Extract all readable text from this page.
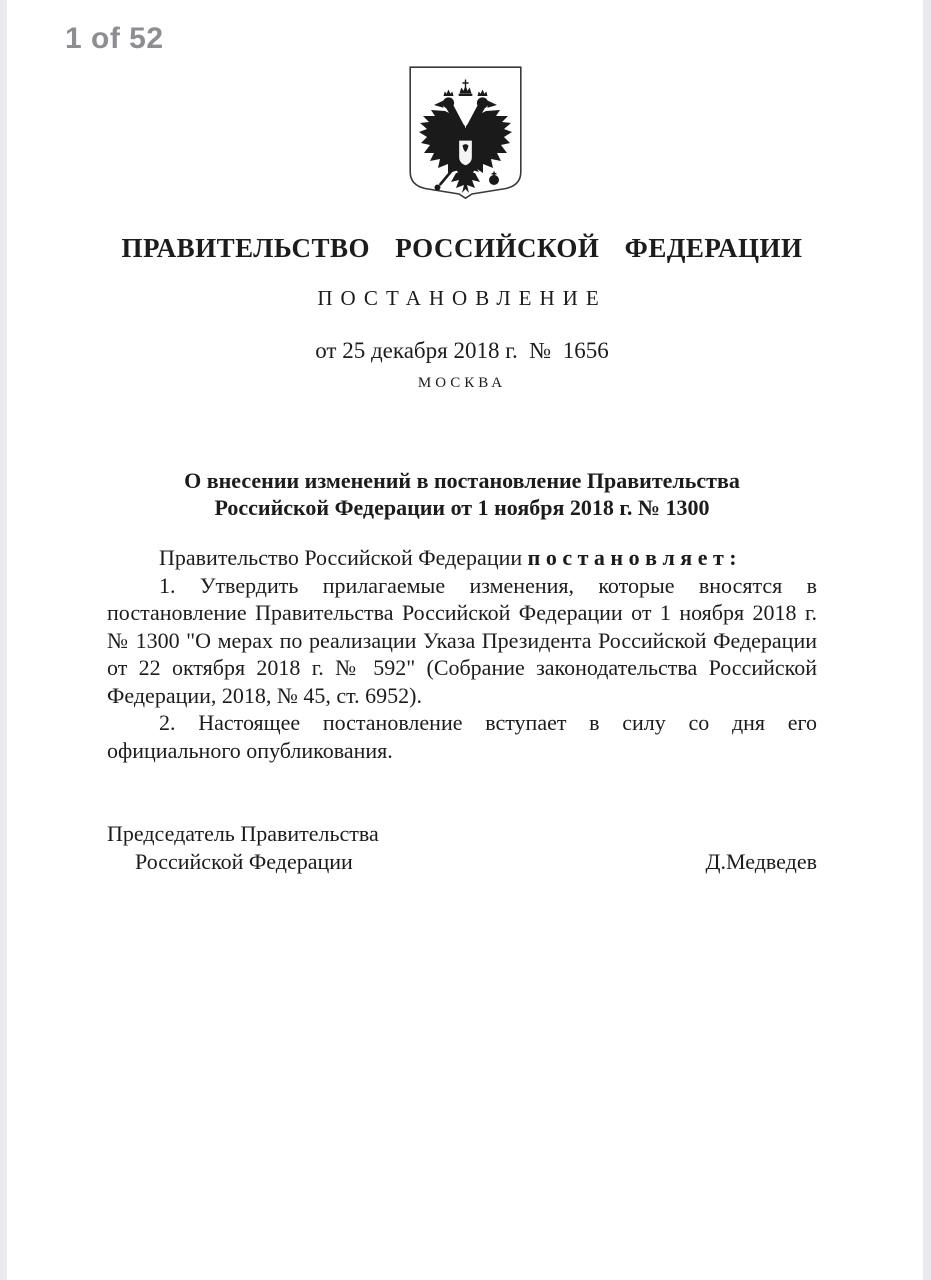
1 of 52
ПРАВИТЕЛЬСТВО РОССИЙСКОЙ ФЕДЕРАЦИИ
ПОСТАНОВЛЕНИЕ
от 25 декабря 2018 г.  №  1656
МОСКВА
О внесении изменений в постановление Правительства
Российской Федерации от 1 ноября 2018 г. № 1300

Правительство Российской Федерации п о с т а н о в л я е т :

1. Утвердить прилагаемые изменения, которые вносятся в постановление Правительства Российской Федерации от 1 ноября 2018 г. № 1300 "О мерах по реализации Указа Президента Российской Федерации от 22 октября 2018 г. № 592" (Собрание законодательства Российской Федерации, 2018, № 45, ст. 6952).

2. Настоящее постановление вступает в силу со дня его официального опубликования.

Председатель Правительства
Российской Федерации	Д.Медведев
